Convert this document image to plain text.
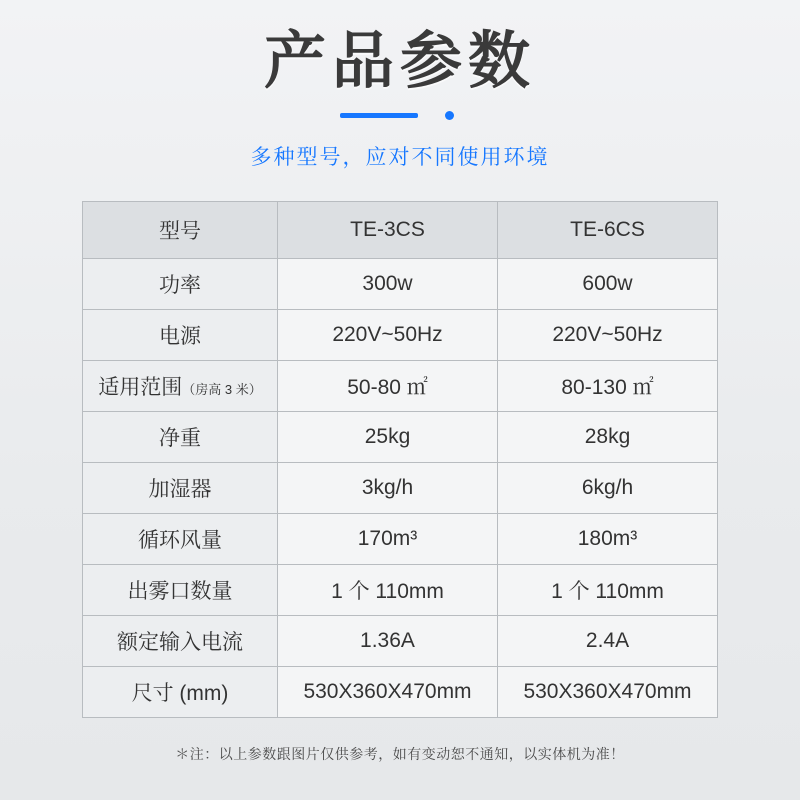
产品参数

多种型号，应对不同使用环境

型号	TE-3CS	TE-6CS
功率	300w	600w
电源	220V~50Hz	220V~50Hz
适用范围（房高 3 米）	50-80 ㎡	80-130 ㎡
净重	25kg	28kg
加湿器	3kg/h	6kg/h
循环风量	170m³	180m³
出雾口数量	1 个 110mm	1 个 110mm
额定输入电流	1.36A	2.4A
尺寸 (mm)	530X360X470mm	530X360X470mm
＊注：以上参数跟图片仅供参考，如有变动恕不通知，以实体机为准！
